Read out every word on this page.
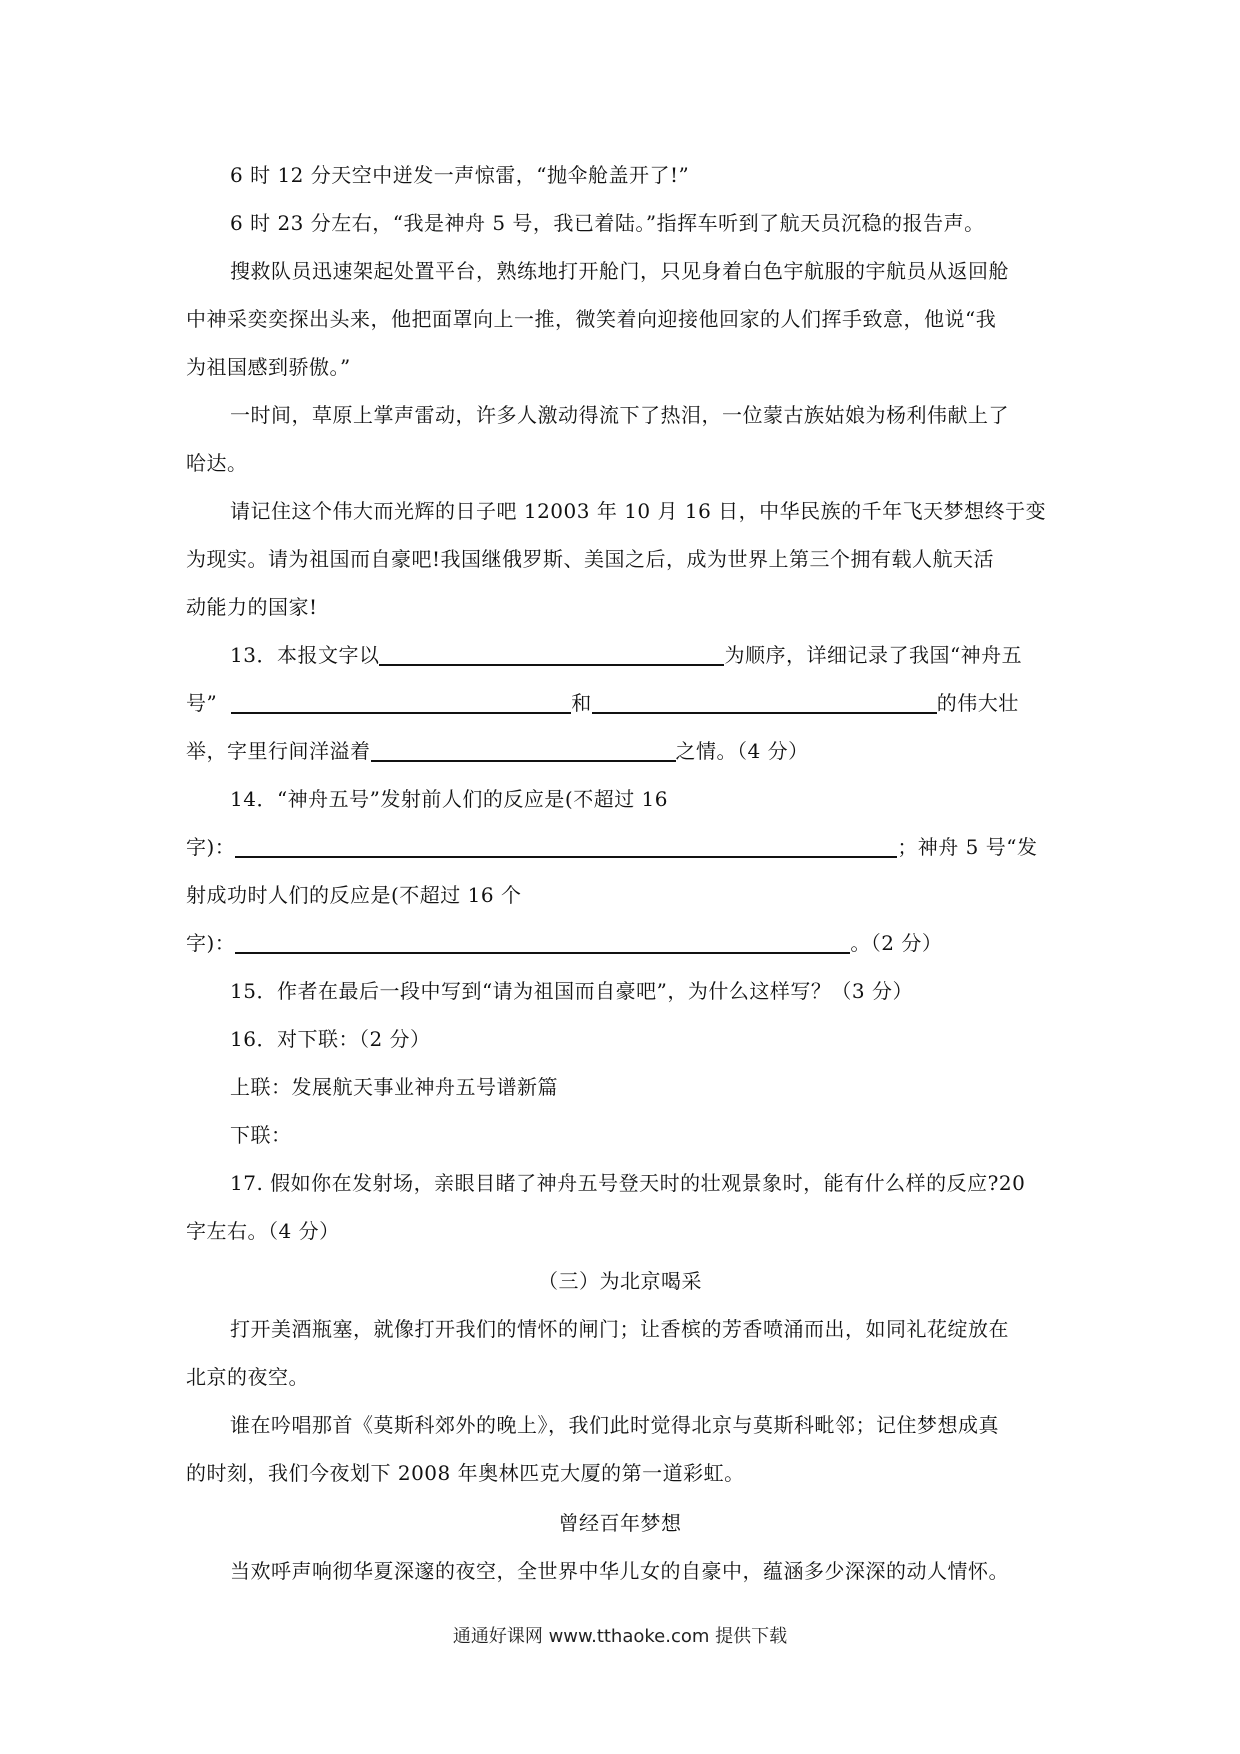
6 时 12 分天空中迸发一声惊雷，“抛伞舱盖开了!”
6 时 23 分左右，“我是神舟 5 号，我已着陆。”指挥车听到了航天员沉稳的报告声。
搜救队员迅速架起处置平台，熟练地打开舱门，只见身着白色宇航服的宇航员从返回舱
中神采奕奕探出头来，他把面罩向上一推，微笑着向迎接他回家的人们挥手致意，他说“我
为祖国感到骄傲。”
一时间，草原上掌声雷动，许多人激动得流下了热泪，一位蒙古族姑娘为杨利伟献上了
哈达。
请记住这个伟大而光辉的日子吧 12003 年 10 月 16 日，中华民族的千年飞天梦想终于变
为现实。请为祖国而自豪吧!我国继俄罗斯、美国之后，成为世界上第三个拥有载人航天活
动能力的国家!
13．本报文字以	为顺序，详细记录了我国“神舟五
号”	和	的伟大壮
举，字里行间洋溢着	之情。（4 分）
14．“神舟五号”发射前人们的反应是(不超过 16
字)：	；神舟 5 号“发
射成功时人们的反应是(不超过 16 个
字)：	。（2 分）
15．作者在最后一段中写到“请为祖国而自豪吧”，为什么这样写？（3 分）
16．对下联：（2 分）
上联：发展航天事业神舟五号谱新篇
下联：
17. 假如你在发射场，亲眼目睹了神舟五号登天时的壮观景象时，能有什么样的反应?20
字左右。（4 分）
（三）为北京喝采
打开美酒瓶塞，就像打开我们的情怀的闸门；让香槟的芳香喷涌而出，如同礼花绽放在
北京的夜空。
谁在吟唱那首《莫斯科郊外的晚上》，我们此时觉得北京与莫斯科毗邻；记住梦想成真
的时刻，我们今夜划下 2008 年奥林匹克大厦的第一道彩虹。
曾经百年梦想
当欢呼声响彻华夏深邃的夜空，全世界中华儿女的自豪中，蕴涵多少深深的动人情怀。
通通好课网 www.tthaoke.com 提供下载
